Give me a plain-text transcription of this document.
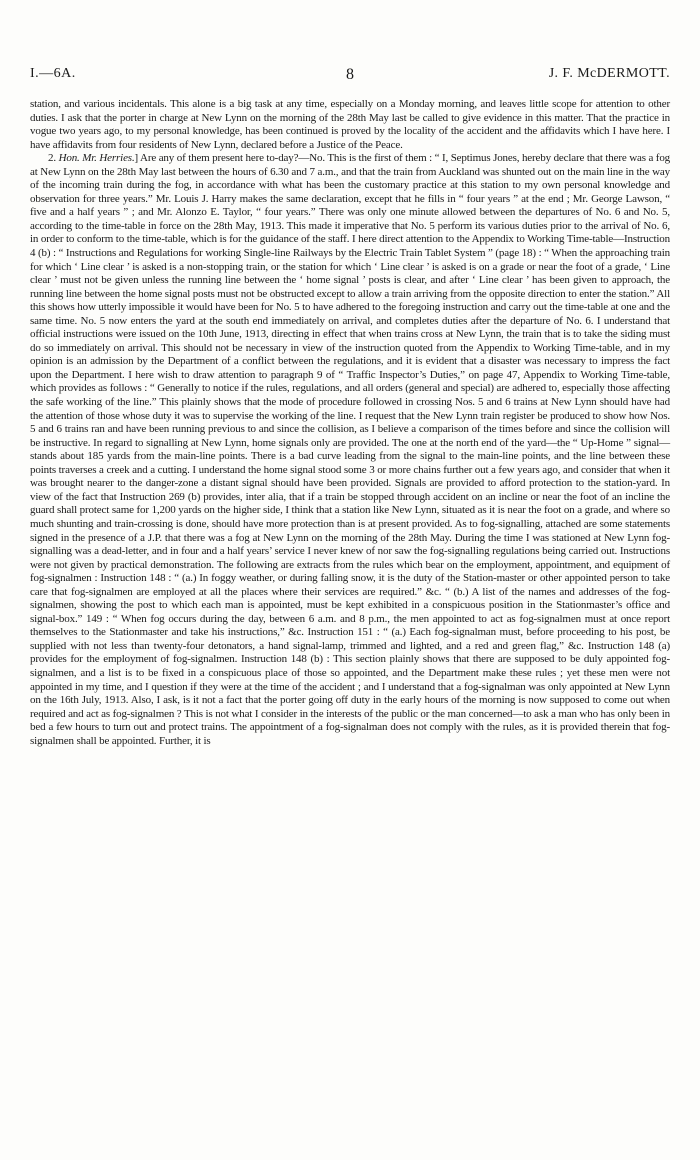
I.—6A.	8	J. F. McDERMOTT.

station, and various incidentals. This alone is a big task at any time, especially on a Monday morning, and leaves little scope for attention to other duties. I ask that the porter in charge at New Lynn on the morning of the 28th May last be called to give evidence in this matter. That the practice in vogue two years ago, to my personal knowledge, has been continued is proved by the locality of the accident and the affidavits which I have here. I have affidavits from four residents of New Lynn, declared before a Justice of the Peace.

2. Hon. Mr. Herries.] Are any of them present here to-day?—No. This is the first of them : “ I, Septimus Jones, hereby declare that there was a fog at New Lynn on the 28th May last between the hours of 6.30 and 7 a.m., and that the train from Auckland was shunted out on the main line in the way of the incoming train during the fog, in accordance with what has been the customary practice at this station to my own personal knowledge and observation for three years.” Mr. Louis J. Harry makes the same declaration, except that he fills in “ four years ” at the end ; Mr. George Lawson, “ five and a half years ” ; and Mr. Alonzo E. Taylor, “ four years.” There was only one minute allowed between the departures of No. 6 and No. 5, according to the time-table in force on the 28th May, 1913. This made it imperative that No. 5 perform its various duties prior to the arrival of No. 6, in order to conform to the time-table, which is for the guidance of the staff. I here direct attention to the Appendix to Working Time-table—Instruction 4 (b) : “ Instructions and Regulations for working Single-line Railways by the Electric Train Tablet System ” (page 18) : “ When the approaching train for which ‘ Line clear ’ is asked is a non-stopping train, or the station for which ‘ Line clear ’ is asked is on a grade or near the foot of a grade, ‘ Line clear ’ must not be given unless the running line between the ‘ home signal ’ posts is clear, and after ‘ Line clear ’ has been given to approach, the running line between the home signal posts must not be obstructed except to allow a train arriving from the opposite direction to enter the station.” All this shows how utterly impossible it would have been for No. 5 to have adhered to the foregoing instruction and carry out the time-table at one and the same time. No. 5 now enters the yard at the south end immediately on arrival, and completes duties after the departure of No. 6. I understand that official instructions were issued on the 10th June, 1913, directing in effect that when trains cross at New Lynn, the train that is to take the siding must do so immediately on arrival. This should not be necessary in view of the instruction quoted from the Appendix to Working Time-table, and in my opinion is an admission by the Department of a conflict between the regulations, and it is evident that a disaster was necessary to impress the fact upon the Department. I here wish to draw attention to paragraph 9 of “ Traffic Inspector’s Duties,” on page 47, Appendix to Working Time-table, which provides as follows : “ Generally to notice if the rules, regulations, and all orders (general and special) are adhered to, especially those affecting the safe working of the line.” This plainly shows that the mode of procedure followed in crossing Nos. 5 and 6 trains at New Lynn should have had the attention of those whose duty it was to supervise the working of the line. I request that the New Lynn train register be produced to show how Nos. 5 and 6 trains ran and have been running previous to and since the collision, as I believe a comparison of the times before and since the collision will be instructive. In regard to signalling at New Lynn, home signals only are provided. The one at the north end of the yard—the “ Up-Home ” signal—stands about 185 yards from the main-line points. There is a bad curve leading from the signal to the main-line points, and the line between these points traverses a creek and a cutting. I understand the home signal stood some 3 or more chains further out a few years ago, and consider that when it was brought nearer to the danger-zone a distant signal should have been provided. Signals are provided to afford protection to the station-yard. In view of the fact that Instruction 269 (b) provides, inter alia, that if a train be stopped through accident on an incline or near the foot of an incline the guard shall protect same for 1,200 yards on the higher side, I think that a station like New Lynn, situated as it is near the foot on a grade, and where so much shunting and train-crossing is done, should have more protection than is at present provided. As to fog-signalling, attached are some statements signed in the presence of a J.P. that there was a fog at New Lynn on the morning of the 28th May. During the time I was stationed at New Lynn fog-signalling was a dead-letter, and in four and a half years’ service I never knew of nor saw the fog-signalling regulations being carried out. Instructions were not given by practical demonstration. The following are extracts from the rules which bear on the employment, appointment, and equipment of fog-signalmen : Instruction 148 : “ (a.) In foggy weather, or during falling snow, it is the duty of the Station-master or other appointed person to take care that fog-signalmen are employed at all the places where their services are required.” &c. “ (b.) A list of the names and addresses of the fog-signalmen, showing the post to which each man is appointed, must be kept exhibited in a conspicuous position in the Stationmaster’s office and signal-box.” 149 : “ When fog occurs during the day, between 6 a.m. and 8 p.m., the men appointed to act as fog-signalmen must at once report themselves to the Stationmaster and take his instructions,” &c. Instruction 151 : “ (a.) Each fog-signalman must, before proceeding to his post, be supplied with not less than twenty-four detonators, a hand signal-lamp, trimmed and lighted, and a red and green flag,” &c. Instruction 148 (a) provides for the employment of fog-signalmen. Instruction 148 (b) : This section plainly shows that there are supposed to be duly appointed fog-signalmen, and a list is to be fixed in a conspicuous place of those so appointed, and the Department make these rules ; yet these men were not appointed in my time, and I question if they were at the time of the accident ; and I understand that a fog-signalman was only appointed at New Lynn on the 16th July, 1913. Also, I ask, is it not a fact that the porter going off duty in the early hours of the morning is now supposed to come out when required and act as fog-signalmen ? This is not what I consider in the interests of the public or the man concerned—to ask a man who has only been in bed a few hours to turn out and protect trains. The appointment of a fog-signalman does not comply with the rules, as it is provided therein that fog-signalmen shall be appointed. Further, it is
